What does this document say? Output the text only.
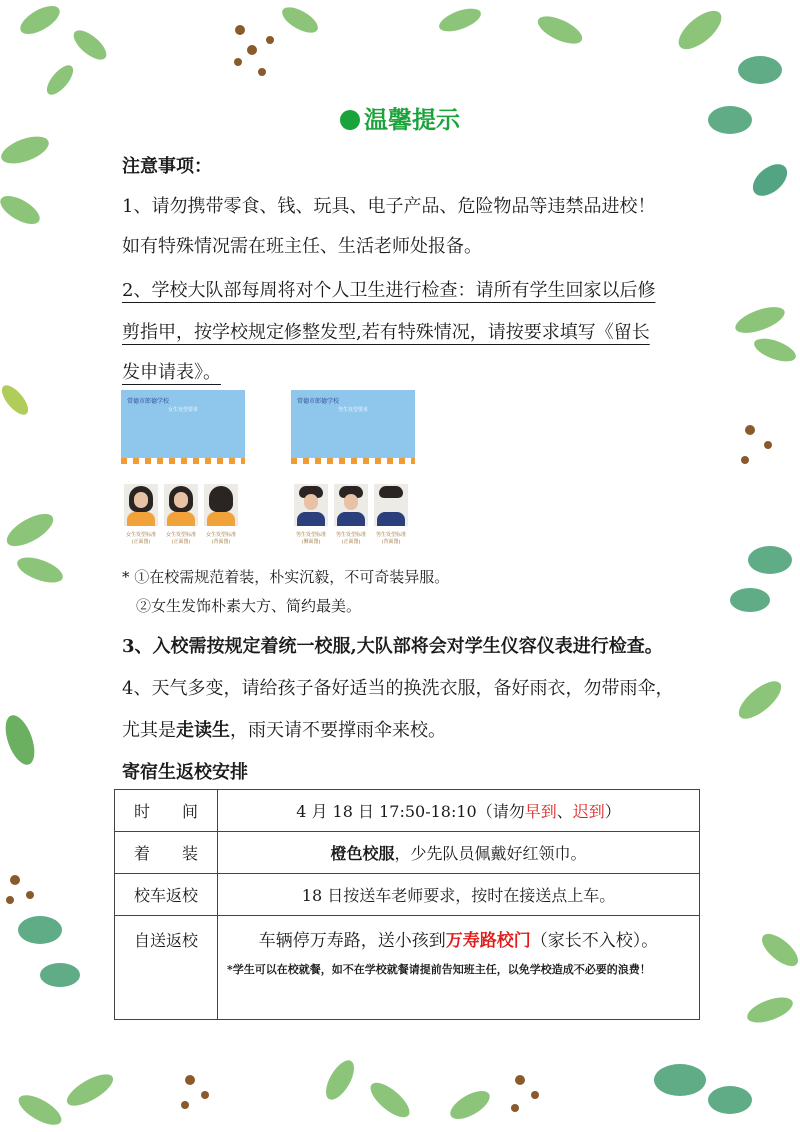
温馨提示
注意事项：
1、请勿携带零食、钱、玩具、电子产品、危险物品等违禁品进校！
如有特殊情况需在班主任、生活老师处报备。
2、学校大队部每周将对个人卫生进行检查：请所有学生回家以后修
剪指甲，按学校规定修整发型,若有特殊情况，请按要求填写《留长
发申请表》。
常德市郎德学校
女生发型要求
常德市郎德学校
男生发型要求
女生发型标准
(正面图)
女生发型标准
(正面图)
女生发型标准
(背面图)
男生发型标准
(侧面图)
男生发型标准
(正面图)
男生发型标准
(背面图)
* ①在校需规范着装，朴实沉毅，不可奇装异服。
②女生发饰朴素大方、简约最美。
3、入校需按规定着统一校服,大队部将会对学生仪容仪表进行检查。
4、天气多变，请给孩子备好适当的换洗衣服，备好雨衣，勿带雨伞，
尤其是走读生，雨天请不要撑雨伞来校。
寄宿生返校安排
时　　间	4 月 18 日 17:50-18:10（请勿早到、迟到）
着　　装	橙色校服，少先队员佩戴好红领巾。
校车返校	18 日按送车老师要求，按时在接送点上车。
自送返校	车辆停万寿路，送小孩到万寿路校门（家长不入校）。
*学生可以在校就餐，如不在学校就餐请提前告知班主任，以免学校造成不必要的浪费！
